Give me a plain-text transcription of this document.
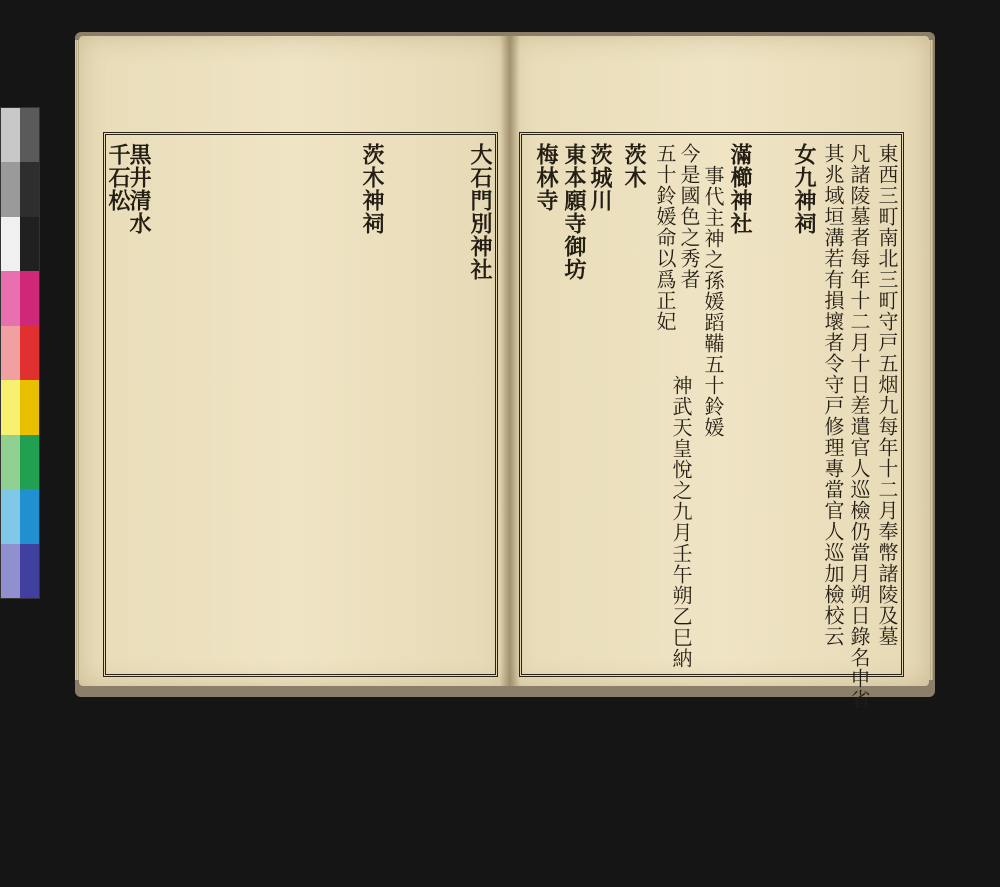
大石門別神社
茨木神祠
黒井清水
千石松	東西三町南北三町守戸五烟九每年十二月奉幣諸陵及墓
凡諸陵墓者每年十二月十日差遣官人巡檢仍當月朔日錄名申省
其兆域垣溝若有損壞者令守戸修理專當官人巡加檢校云
女九神祠
滿櫛神社
事代主神之孫媛蹈鞴五十鈴媛
今是國色之秀者
五十鈴媛命以爲正妃
神武天皇悅之九月壬午朔乙巳納
茨木
茨城川
東本願寺御坊
梅林寺
